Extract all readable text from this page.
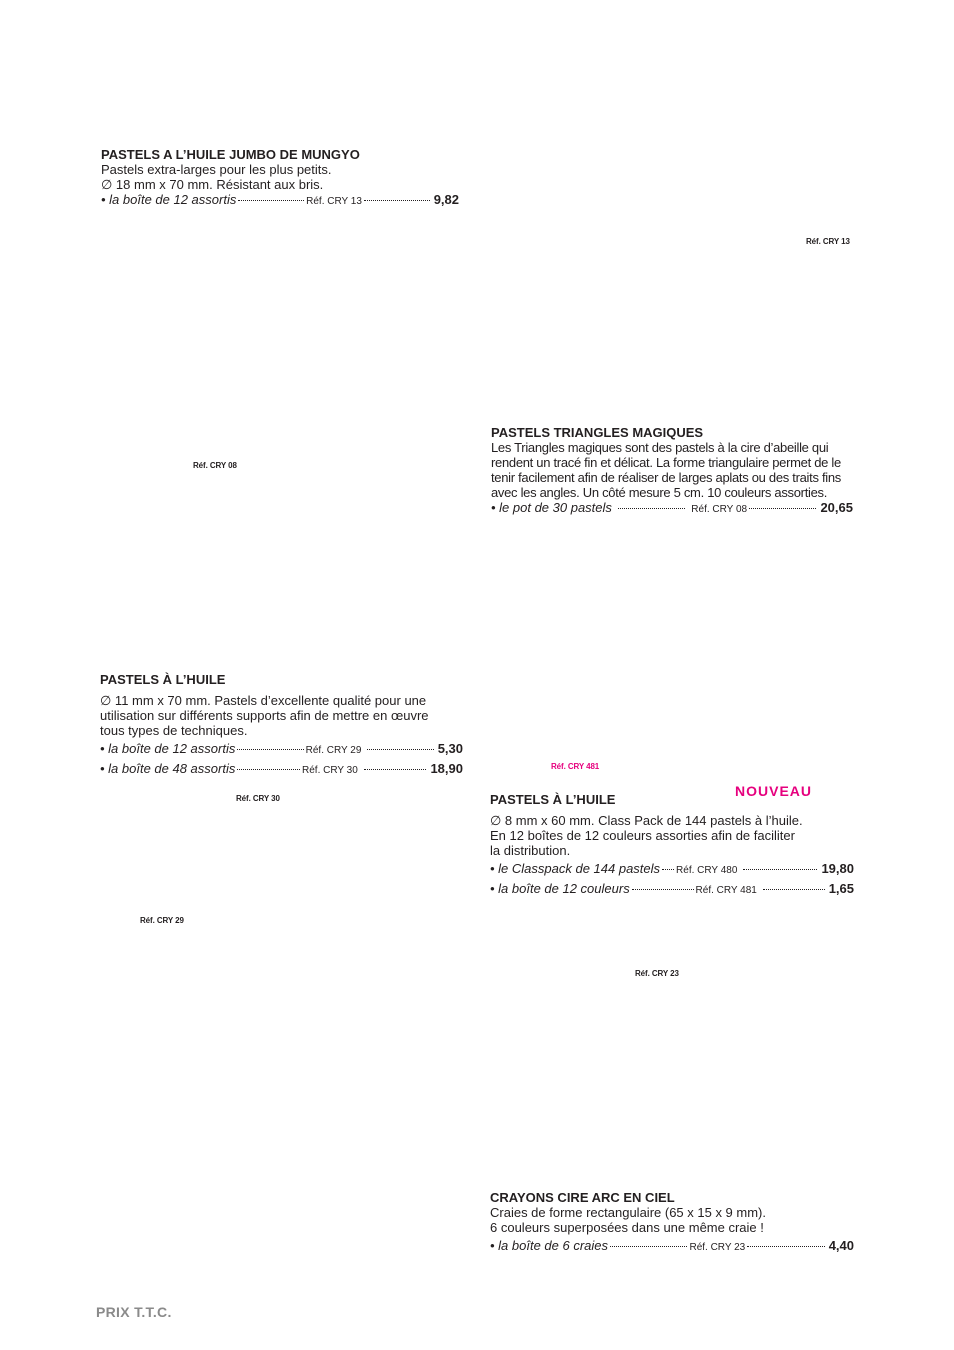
PASTELS A L’HUILE JUMBO DE MUNGYO
Pastels extra-larges pour les plus petits.
∅ 18 mm x 70 mm. Résistant aux bris.
• la boîte de 12 assortis	Réf. CRY 13	9,82
PASTELS TRIANGLES MAGIQUES
Les Triangles magiques sont des pastels à la cire d’abeille qui
rendent un tracé fin et délicat. La forme triangulaire permet de le
tenir facilement afin de réaliser de larges aplats ou des traits fins
avec les angles. Un côté mesure 5 cm. 10 couleurs assorties.
• le pot de 30 pastels	Réf. CRY 08	20,65
PASTELS À L’HUILE
∅ 11 mm x 70 mm. Pastels d’excellente qualité pour une
utilisation sur différents supports afin de mettre en œuvre
tous types de techniques.
• la boîte de 12 assortis	Réf. CRY 29	5,30
• la boîte de 48 assortis	Réf. CRY 30	18,90
PASTELS À L’HUILE
∅ 8 mm x 60 mm. Class Pack de 144 pastels à l’huile.
En 12 boîtes de 12 couleurs assorties afin de faciliter
la distribution.
• le Classpack de 144 pastels Réf. CRY 480	19,80
• la boîte de 12 couleurs	Réf. CRY 481	1,65
CRAYONS CIRE ARC EN CIEL
Craies de forme rectangulaire (65 x 15 x 9 mm).
6 couleurs superposées dans une même craie !
• la boîte de 6 craies	Réf. CRY 23	4,40
Réf. CRY 13
Réf. CRY 08
Réf. CRY 481
Réf. CRY 30
Réf. CRY 29
Réf. CRY 23
NOUVEAU
PRIX T.T.C.
